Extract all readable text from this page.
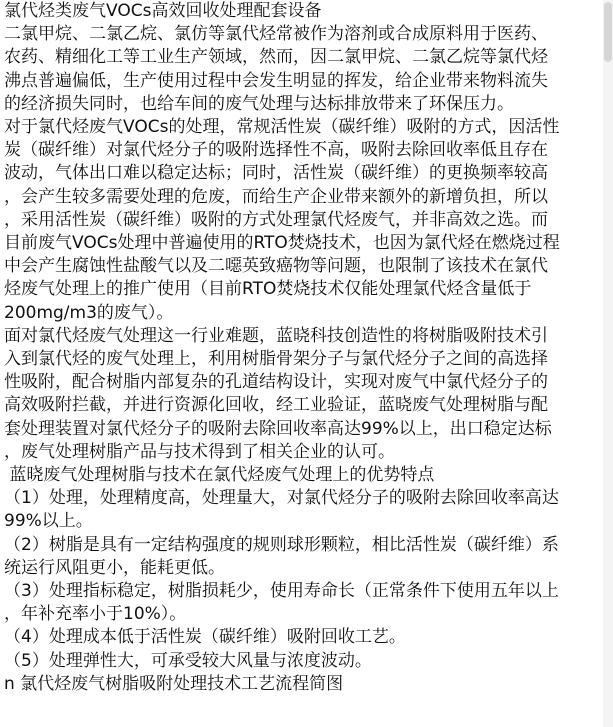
氯代烃类废气VOCs高效回收处理配套设备

二氯甲烷、二氯乙烷、氯仿等氯代烃常被作为溶剂或合成原料用于医药、
农药、精细化工等工业生产领域，然而，因二氯甲烷、二氯乙烷等氯代烃
沸点普遍偏低，生产使用过程中会发生明显的挥发，给企业带来物料流失
的经济损失同时，也给车间的废气处理与达标排放带来了环保压力。

对于氯代烃废气VOCs的处理，常规活性炭（碳纤维）吸附的方式，因活性
炭（碳纤维）对氯代烃分子的吸附选择性不高，吸附去除回收率低且存在
波动，气体出口难以稳定达标；同时，活性炭（碳纤维）的更换频率较高
，会产生较多需要处理的危废，而给生产企业带来额外的新增负担，所以
，采用活性炭（碳纤维）吸附的方式处理氯代烃废气，并非高效之选。而
目前废气VOCs处理中普遍使用的RTO焚烧技术，也因为氯代烃在燃烧过程
中会产生腐蚀性盐酸气以及二噁英致癌物等问题，也限制了该技术在氯代
烃废气处理上的推广使用（目前RTO焚烧技术仅能处理氯代烃含量低于
200mg/m3的废气）。

面对氯代烃废气处理这一行业难题，蓝晓科技创造性的将树脂吸附技术引
入到氯代烃的废气处理上，利用树脂骨架分子与氯代烃分子之间的高选择
性吸附，配合树脂内部复杂的孔道结构设计，实现对废气中氯代烃分子的
高效吸附拦截，并进行资源化回收，经工业验证，蓝晓废气处理树脂与配
套处理装置对氯代烃分子的吸附去除回收率高达99%以上，出口稳定达标
，废气处理树脂产品与技术得到了相关企业的认可。

蓝晓废气处理树脂与技术在氯代烃废气处理上的优势特点

（1）处理，处理精度高，处理量大，对氯代烃分子的吸附去除回收率高达
99%以上。

（2）树脂是具有一定结构强度的规则球形颗粒，相比活性炭（碳纤维）系
统运行风阻更小，能耗更低。

（3）处理指标稳定，树脂损耗少，使用寿命长（正常条件下使用五年以上
，年补充率小于10%）。

（4）处理成本低于活性炭（碳纤维）吸附回收工艺。

（5）处理弹性大，可承受较大风量与浓度波动。

n 氯代烃废气树脂吸附处理技术工艺流程简图
